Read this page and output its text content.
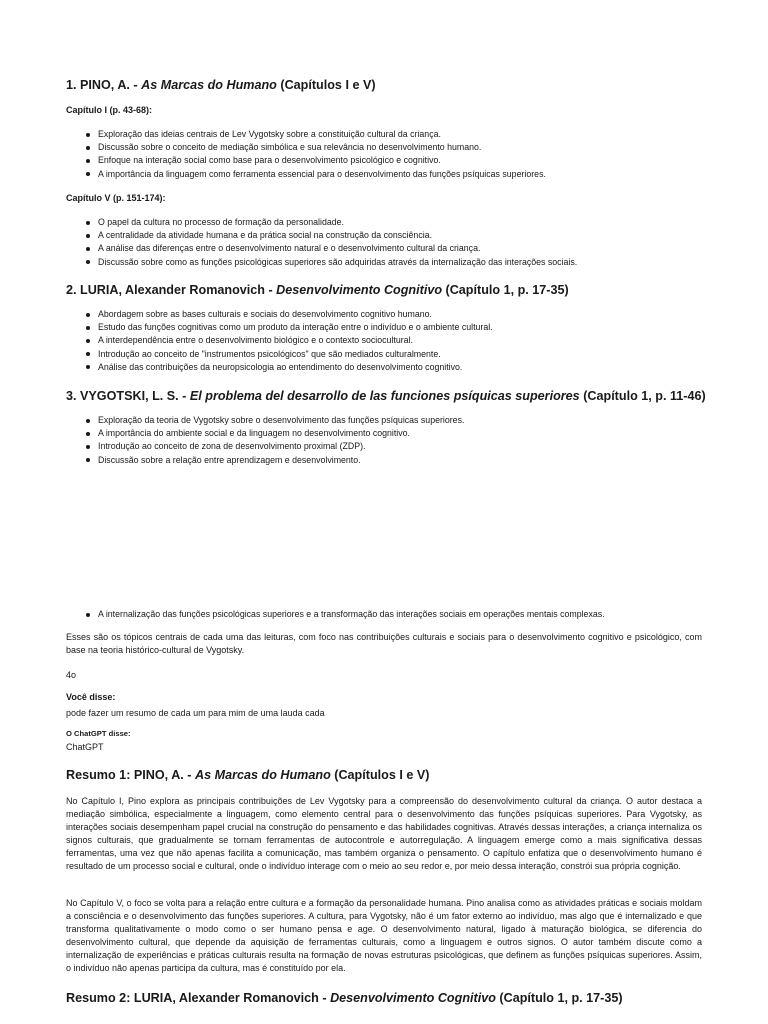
1. PINO, A. - As Marcas do Humano (Capítulos I e V)
Capítulo I (p. 43-68):
Exploração das ideias centrais de Lev Vygotsky sobre a constituição cultural da criança.
Discussão sobre o conceito de mediação simbólica e sua relevância no desenvolvimento humano.
Enfoque na interação social como base para o desenvolvimento psicológico e cognitivo.
A importância da linguagem como ferramenta essencial para o desenvolvimento das funções psíquicas superiores.
Capítulo V (p. 151-174):
O papel da cultura no processo de formação da personalidade.
A centralidade da atividade humana e da prática social na construção da consciência.
A análise das diferenças entre o desenvolvimento natural e o desenvolvimento cultural da criança.
Discussão sobre como as funções psicológicas superiores são adquiridas através da internalização das interações sociais.
2. LURIA, Alexander Romanovich - Desenvolvimento Cognitivo (Capítulo 1, p. 17-35)
Abordagem sobre as bases culturais e sociais do desenvolvimento cognitivo humano.
Estudo das funções cognitivas como um produto da interação entre o indivíduo e o ambiente cultural.
A interdependência entre o desenvolvimento biológico e o contexto sociocultural.
Introdução ao conceito de "instrumentos psicológicos" que são mediados culturalmente.
Análise das contribuições da neuropsicologia ao entendimento do desenvolvimento cognitivo.
3. VYGOTSKI, L. S. - El problema del desarrollo de las funciones psíquicas superiores (Capítulo 1, p. 11-46)
Exploração da teoria de Vygotsky sobre o desenvolvimento das funções psíquicas superiores.
A importância do ambiente social e da linguagem no desenvolvimento cognitivo.
Introdução ao conceito de zona de desenvolvimento proximal (ZDP).
Discussão sobre a relação entre aprendizagem e desenvolvimento.
A internalização das funções psicológicas superiores e a transformação das interações sociais em operações mentais complexas.

Esses são os tópicos centrais de cada uma das leituras, com foco nas contribuições culturais e sociais para o desenvolvimento cognitivo e psicológico, com base na teoria histórico-cultural de Vygotsky.

4o
Você disse:
pode fazer um resumo de cada um para mim de uma lauda cada
O ChatGPT disse:
ChatGPT
Resumo 1: PINO, A. - As Marcas do Humano (Capítulos I e V)

No Capítulo I, Pino explora as principais contribuições de Lev Vygotsky para a compreensão do desenvolvimento cultural da criança. O autor destaca a mediação simbólica, especialmente a linguagem, como elemento central para o desenvolvimento das funções psíquicas superiores. Para Vygotsky, as interações sociais desempenham papel crucial na construção do pensamento e das habilidades cognitivas. Através dessas interações, a criança internaliza os signos culturais, que gradualmente se tornam ferramentas de autocontrole e autorregulação. A linguagem emerge como a mais significativa dessas ferramentas, uma vez que não apenas facilita a comunicação, mas também organiza o pensamento. O capítulo enfatiza que o desenvolvimento humano é resultado de um processo social e cultural, onde o indivíduo interage com o meio ao seu redor e, por meio dessa interação, constrói sua própria cognição.

No Capítulo V, o foco se volta para a relação entre cultura e a formação da personalidade humana. Pino analisa como as atividades práticas e sociais moldam a consciência e o desenvolvimento das funções superiores. A cultura, para Vygotsky, não é um fator externo ao indivíduo, mas algo que é internalizado e que transforma qualitativamente o modo como o ser humano pensa e age. O desenvolvimento natural, ligado à maturação biológica, se diferencia do desenvolvimento cultural, que depende da aquisição de ferramentas culturais, como a linguagem e outros signos. O autor também discute como a internalização de experiências e práticas culturais resulta na formação de novas estruturas psicológicas, que definem as funções psíquicas superiores. Assim, o indivíduo não apenas participa da cultura, mas é constituído por ela.

Resumo 2: LURIA, Alexander Romanovich - Desenvolvimento Cognitivo (Capítulo 1, p. 17-35)
